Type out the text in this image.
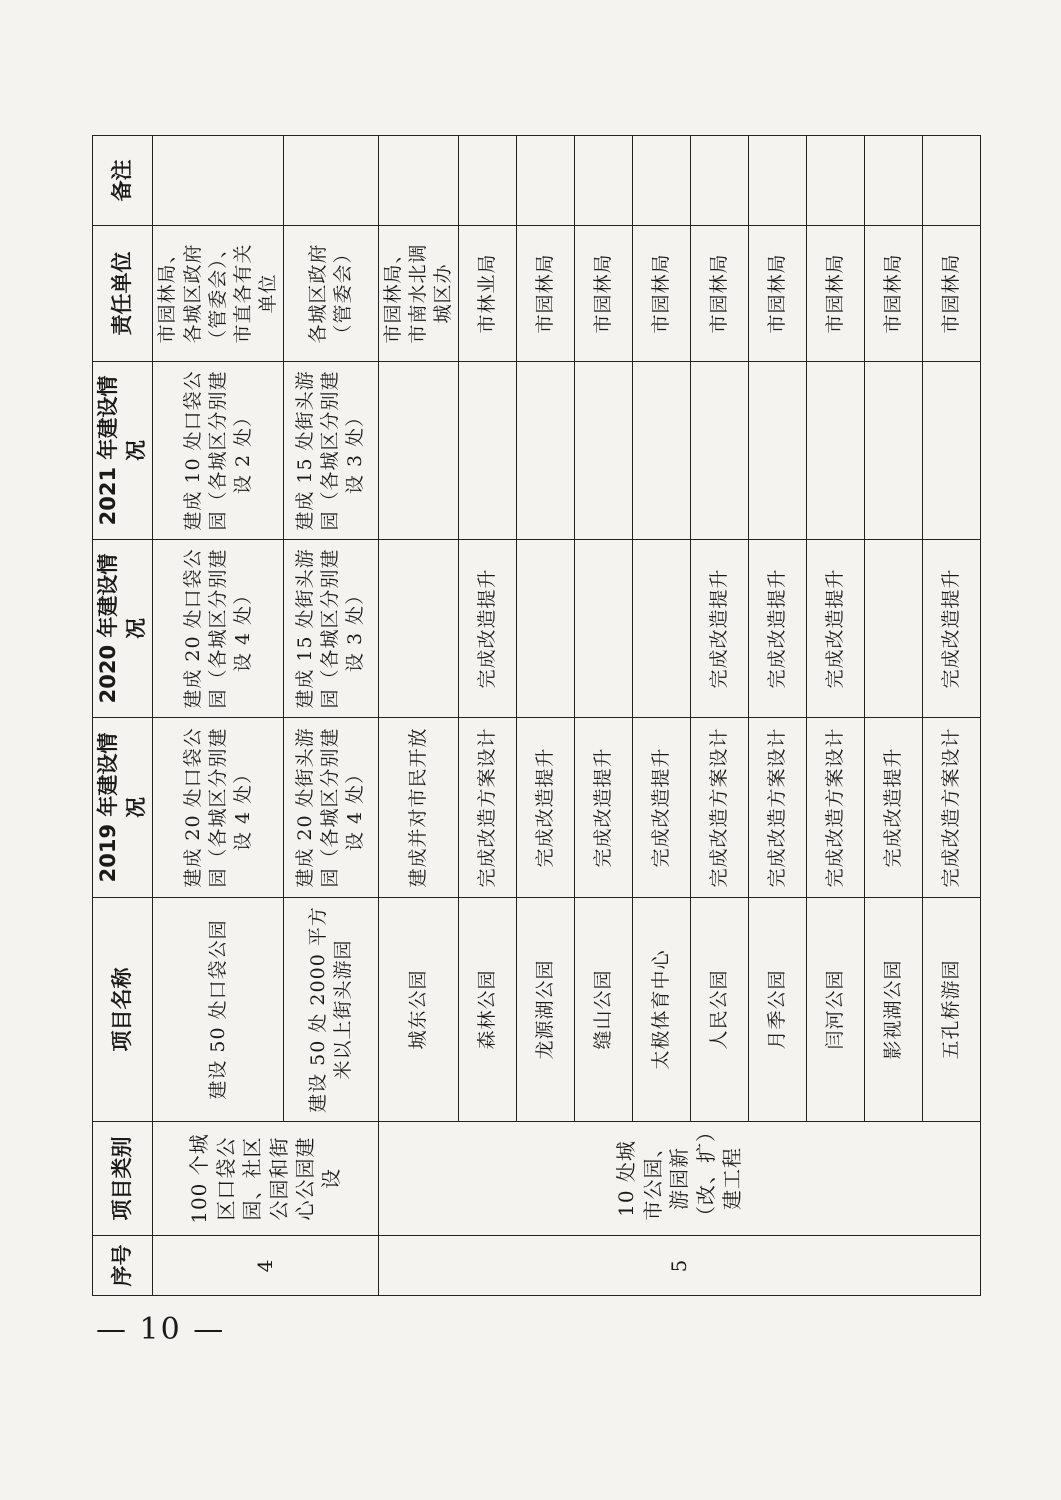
— 10 —
序号	项目类别	项目名称	2019 年建设情况	2020 年建设情况	2021 年建设情况	责任单位	备注
4	100 个城区口袋公园、社区公园和街心公园建设	建设 50 处口袋公园	建成 20 处口袋公园（各城区分别建设 4 处）	建成 20 处口袋公园（各城区分别建设 4 处）	建成 10 处口袋公园（各城区分别建设 2 处）	市园林局、各城区政府（管委会）、市直各有关单位	
		建设 50 处 2000 平方米以上街头游园	建成 20 处街头游园（各城区分别建设 4 处）	建成 15 处街头游园（各城区分别建设 3 处）	建成 15 处街头游园（各城区分别建设 3 处）	各城区政府（管委会）	
5	10 处城市公园、游园新（改、扩）建工程	城东公园	建成并对市民开放			市园林局、市南水北调城区办	
		森林公园	完成改造方案设计	完成改造提升		市林业局	
		龙源湖公园	完成改造提升			市园林局	
		缝山公园	完成改造提升			市园林局	
		太极体育中心	完成改造提升			市园林局	
		人民公园	完成改造方案设计	完成改造提升		市园林局	
		月季公园	完成改造方案设计	完成改造提升		市园林局	
		闫河公园	完成改造方案设计	完成改造提升		市园林局	
		影视湖公园	完成改造提升			市园林局	
		五孔桥游园	完成改造方案设计	完成改造提升		市园林局	
